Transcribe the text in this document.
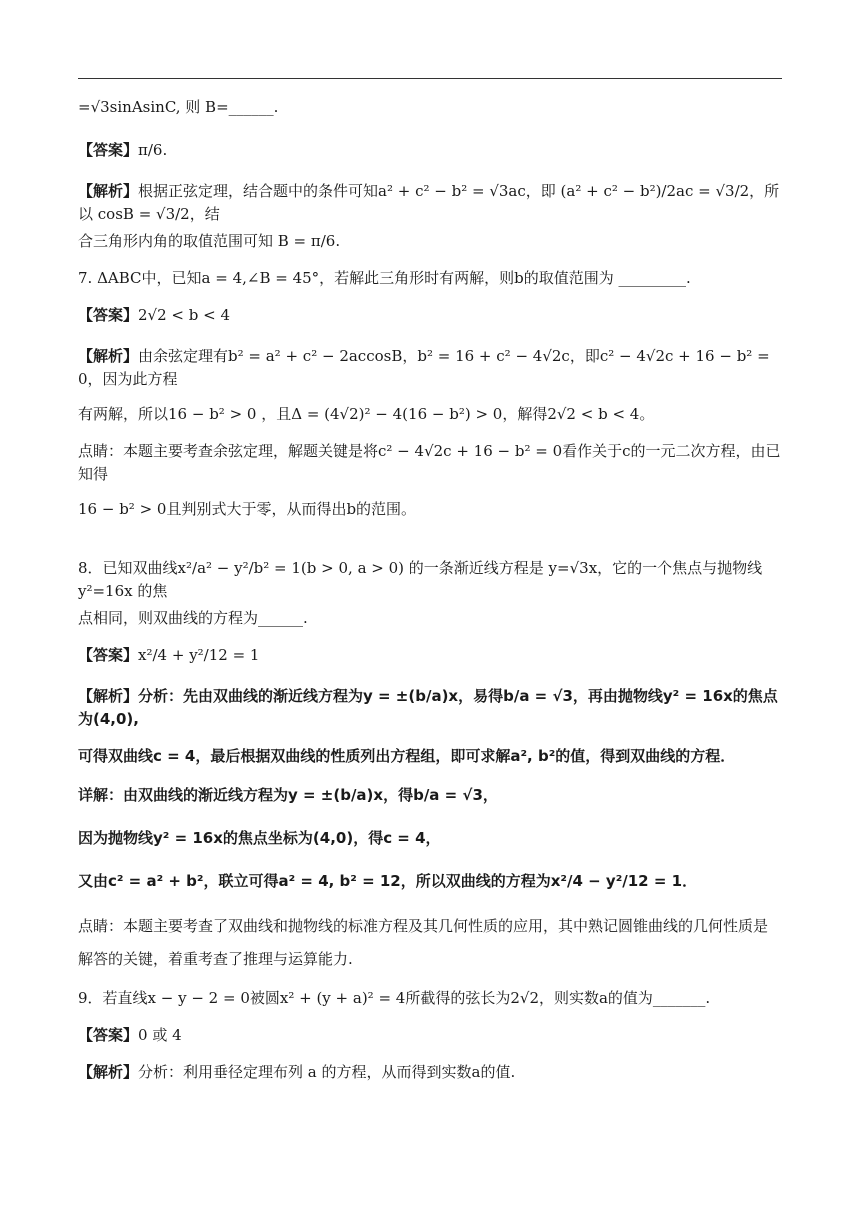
=√3sinAsinC, 则 B=______.

【答案】π/6.

【解析】根据正弦定理，结合题中的条件可知a² + c² − b² = √3ac，即 (a² + c² − b²)/2ac = √3/2，所以 cosB = √3/2，结

合三角形内角的取值范围可知 B = π/6.

7. ΔABC中，已知a = 4,∠B = 45°，若解此三角形时有两解，则b的取值范围为 _________.

【答案】2√2 < b < 4

【解析】由余弦定理有b² = a² + c² − 2accosB，b² = 16 + c² − 4√2c，即c² − 4√2c + 16 − b² = 0，因为此方程

有两解，所以16 − b² > 0 ，且Δ = (4√2)² − 4(16 − b²) > 0，解得2√2 < b < 4。

点睛：本题主要考查余弦定理，解题关键是将c² − 4√2c + 16 − b² = 0看作关于c的一元二次方程，由已知得

16 − b² > 0且判别式大于零，从而得出b的范围。

8．已知双曲线x²/a² − y²/b² = 1(b > 0, a > 0) 的一条渐近线方程是 y=√3x，它的一个焦点与抛物线 y²=16x 的焦

点相同，则双曲线的方程为______.

【答案】x²/4 + y²/12 = 1

【解析】分析：先由双曲线的渐近线方程为y = ±(b/a)x，易得b/a = √3，再由抛物线y² = 16x的焦点为(4,0),

可得双曲线c = 4，最后根据双曲线的性质列出方程组，即可求解a², b²的值，得到双曲线的方程．

详解：由双曲线的渐近线方程为y = ±(b/a)x，得b/a = √3，

因为抛物线y² = 16x的焦点坐标为(4,0)，得c = 4，

又由c² = a² + b²，联立可得a² = 4, b² = 12，所以双曲线的方程为x²/4 − y²/12 = 1．

点睛：本题主要考查了双曲线和抛物线的标准方程及其几何性质的应用，其中熟记圆锥曲线的几何性质是

解答的关键，着重考查了推理与运算能力.

9．若直线x − y − 2 = 0被圆x² + (y + a)² = 4所截得的弦长为2√2，则实数a的值为_______.

【答案】0 或 4

【解析】分析：利用垂径定理布列 a 的方程，从而得到实数a的值.
